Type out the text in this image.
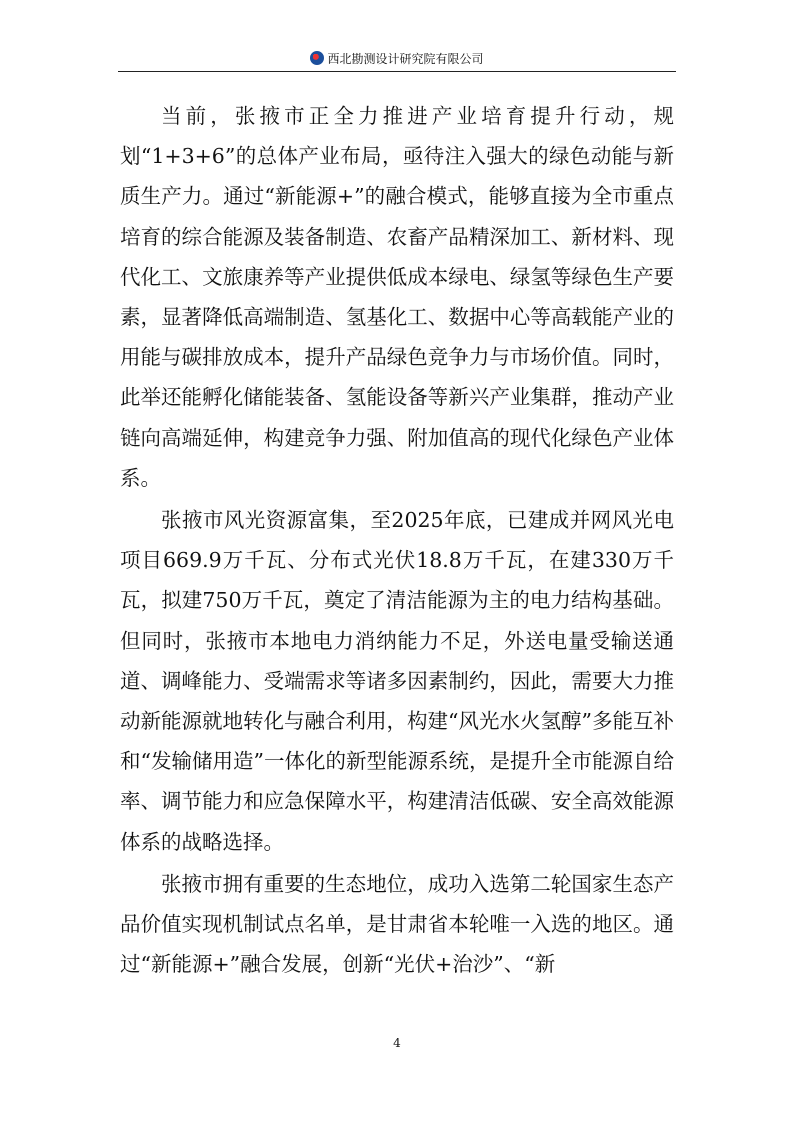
西北勘测设计研究院有限公司

当前，张掖市正全力推进产业培育提升行动，规划“1+3+6”的总体产业布局，亟待注入强大的绿色动能与新质生产力。通过“新能源+”的融合模式，能够直接为全市重点培育的综合能源及装备制造、农畜产品精深加工、新材料、现代化工、文旅康养等产业提供低成本绿电、绿氢等绿色生产要素，显著降低高端制造、氢基化工、数据中心等高载能产业的用能与碳排放成本，提升产品绿色竞争力与市场价值。同时，此举还能孵化储能装备、氢能设备等新兴产业集群，推动产业链向高端延伸，构建竞争力强、附加值高的现代化绿色产业体系。

张掖市风光资源富集，至2025年底，已建成并网风光电项目669.9万千瓦、分布式光伏18.8万千瓦，在建330万千瓦，拟建750万千瓦，奠定了清洁能源为主的电力结构基础。但同时，张掖市本地电力消纳能力不足，外送电量受输送通道、调峰能力、受端需求等诸多因素制约，因此，需要大力推动新能源就地转化与融合利用，构建“风光水火氢醇”多能互补和“发输储用造”一体化的新型能源系统，是提升全市能源自给率、调节能力和应急保障水平，构建清洁低碳、安全高效能源体系的战略选择。

张掖市拥有重要的生态地位，成功入选第二轮国家生态产品价值实现机制试点名单，是甘肃省本轮唯一入选的地区。通过“新能源+”融合发展，创新“光伏+治沙”、“新

4
